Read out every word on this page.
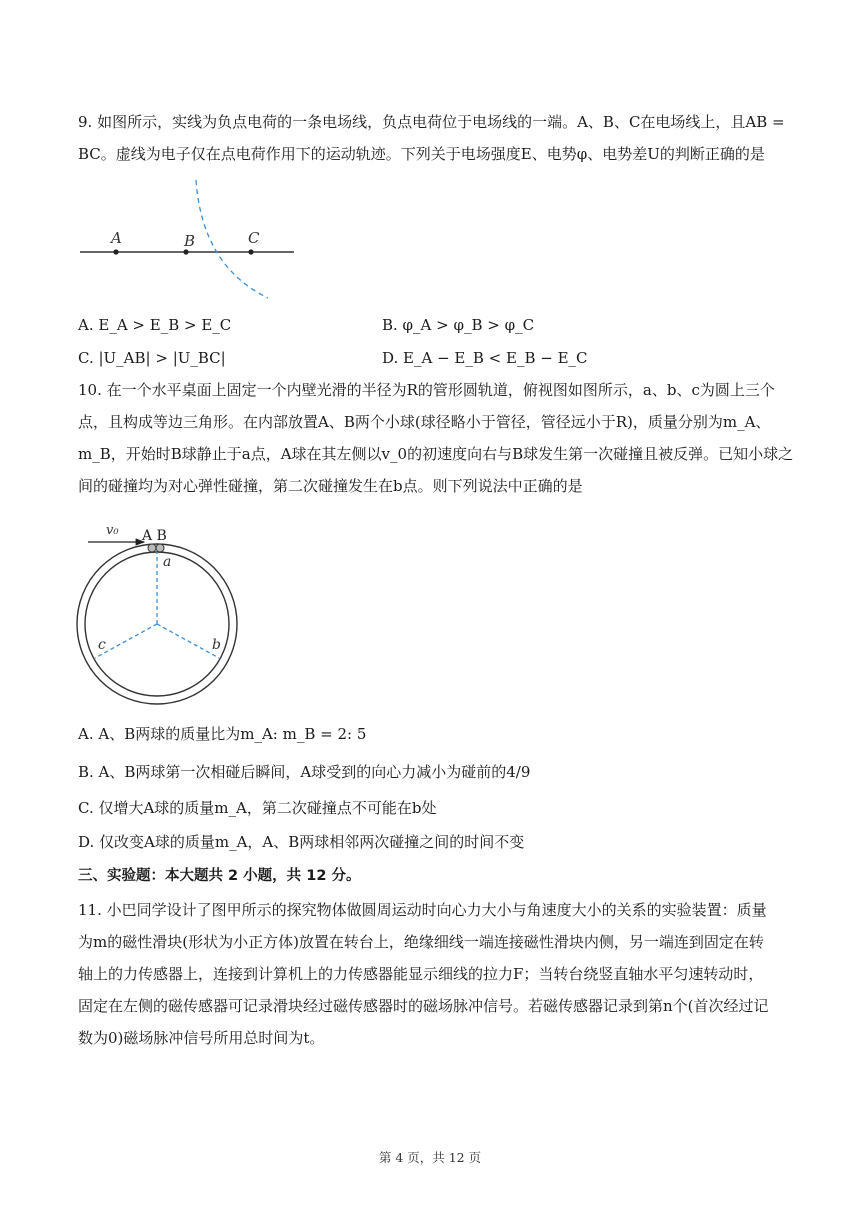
9. 如图所示，实线为负点电荷的一条电场线，负点电荷位于电场线的一端。A、B、C在电场线上，且AB =
BC。虚线为电子仅在点电荷作用下的运动轨迹。下列关于电场强度E、电势φ、电势差U的判断正确的是
A	B	C
A. E_A > E_B > E_C	B. φ_A > φ_B > φ_C
C. |U_AB| > |U_BC|	D. E_A − E_B < E_B − E_C
10. 在一个水平桌面上固定一个内壁光滑的半径为R的管形圆轨道，俯视图如图所示，a、b、c为圆上三个
点，且构成等边三角形。在内部放置A、B两个小球(球径略小于管径，管径远小于R)，质量分别为m_A、
m_B，开始时B球静止于a点，A球在其左侧以v_0的初速度向右与B球发生第一次碰撞且被反弹。已知小球之
间的碰撞均为对心弹性碰撞，第二次碰撞发生在b点。则下列说法中正确的是
v₀ A B
a
b
c
A. A、B两球的质量比为m_A: m_B = 2: 5
B. A、B两球第一次相碰后瞬间，A球受到的向心力减小为碰前的4/9
C. 仅增大A球的质量m_A，第二次碰撞点不可能在b处
D. 仅改变A球的质量m_A，A、B两球相邻两次碰撞之间的时间不变
三、实验题：本大题共 2 小题，共 12 分。
11. 小巴同学设计了图甲所示的探究物体做圆周运动时向心力大小与角速度大小的关系的实验装置：质量
为m的磁性滑块(形状为小正方体)放置在转台上，绝缘细线一端连接磁性滑块内侧，另一端连到固定在转
轴上的力传感器上，连接到计算机上的力传感器能显示细线的拉力F；当转台绕竖直轴水平匀速转动时，
固定在左侧的磁传感器可记录滑块经过磁传感器时的磁场脉冲信号。若磁传感器记录到第n个(首次经过记
数为0)磁场脉冲信号所用总时间为t。
第 4 页，共 12 页
